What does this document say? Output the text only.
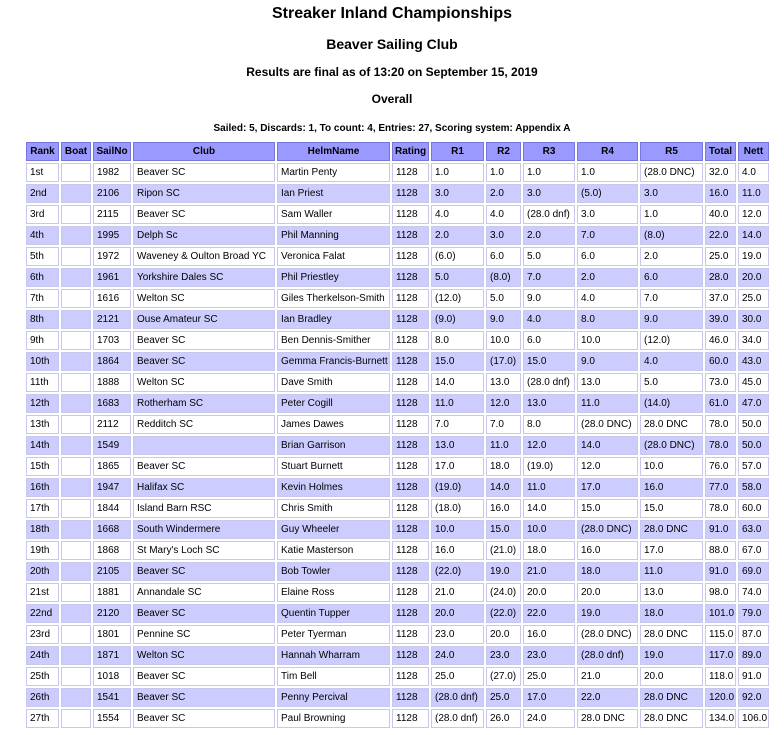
Streaker Inland Championships
Beaver Sailing Club
Results are final as of 13:20 on September 15, 2019
Overall
Sailed: 5, Discards: 1, To count: 4, Entries: 27, Scoring system: Appendix A
Rank	Boat	SailNo	Club	HelmName	Rating	R1	R2	R3	R4	R5	Total	Nett
1st		1982	Beaver SC	Martin Penty	1128	1.0	1.0	1.0	1.0	(28.0 DNC)	32.0	4.0
2nd		2106	Ripon SC	Ian Priest	1128	3.0	2.0	3.0	(5.0)	3.0	16.0	11.0
3rd		2115	Beaver SC	Sam Waller	1128	4.0	4.0	(28.0 dnf)	3.0	1.0	40.0	12.0
4th		1995	Delph Sc	Phil Manning	1128	2.0	3.0	2.0	7.0	(8.0)	22.0	14.0
5th		1972	Waveney & Oulton Broad YC	Veronica Falat	1128	(6.0)	6.0	5.0	6.0	2.0	25.0	19.0
6th		1961	Yorkshire Dales SC	Phil Priestley	1128	5.0	(8.0)	7.0	2.0	6.0	28.0	20.0
7th		1616	Welton SC	Giles Therkelson-Smith	1128	(12.0)	5.0	9.0	4.0	7.0	37.0	25.0
8th		2121	Ouse Amateur SC	Ian Bradley	1128	(9.0)	9.0	4.0	8.0	9.0	39.0	30.0
9th		1703	Beaver SC	Ben Dennis-Smither	1128	8.0	10.0	6.0	10.0	(12.0)	46.0	34.0
10th		1864	Beaver SC	Gemma Francis-Burnett	1128	15.0	(17.0)	15.0	9.0	4.0	60.0	43.0
11th		1888	Welton SC	Dave Smith	1128	14.0	13.0	(28.0 dnf)	13.0	5.0	73.0	45.0
12th		1683	Rotherham SC	Peter Cogill	1128	11.0	12.0	13.0	11.0	(14.0)	61.0	47.0
13th		2112	Redditch SC	James Dawes	1128	7.0	7.0	8.0	(28.0 DNC)	28.0 DNC	78.0	50.0
14th		1549		Brian Garrison	1128	13.0	11.0	12.0	14.0	(28.0 DNC)	78.0	50.0
15th		1865	Beaver SC	Stuart Burnett	1128	17.0	18.0	(19.0)	12.0	10.0	76.0	57.0
16th		1947	Halifax SC	Kevin Holmes	1128	(19.0)	14.0	11.0	17.0	16.0	77.0	58.0
17th		1844	Island Barn RSC	Chris Smith	1128	(18.0)	16.0	14.0	15.0	15.0	78.0	60.0
18th		1668	South Windermere	Guy Wheeler	1128	10.0	15.0	10.0	(28.0 DNC)	28.0 DNC	91.0	63.0
19th		1868	St Mary's Loch SC	Katie Masterson	1128	16.0	(21.0)	18.0	16.0	17.0	88.0	67.0
20th		2105	Beaver SC	Bob Towler	1128	(22.0)	19.0	21.0	18.0	11.0	91.0	69.0
21st		1881	Annandale SC	Elaine Ross	1128	21.0	(24.0)	20.0	20.0	13.0	98.0	74.0
22nd		2120	Beaver SC	Quentin Tupper	1128	20.0	(22.0)	22.0	19.0	18.0	101.0	79.0
23rd		1801	Pennine SC	Peter Tyerman	1128	23.0	20.0	16.0	(28.0 DNC)	28.0 DNC	115.0	87.0
24th		1871	Welton SC	Hannah Wharram	1128	24.0	23.0	23.0	(28.0 dnf)	19.0	117.0	89.0
25th		1018	Beaver SC	Tim Bell	1128	25.0	(27.0)	25.0	21.0	20.0	118.0	91.0
26th		1541	Beaver SC	Penny Percival	1128	(28.0 dnf)	25.0	17.0	22.0	28.0 DNC	120.0	92.0
27th		1554	Beaver SC	Paul Browning	1128	(28.0 dnf)	26.0	24.0	28.0 DNC	28.0 DNC	134.0	106.0
